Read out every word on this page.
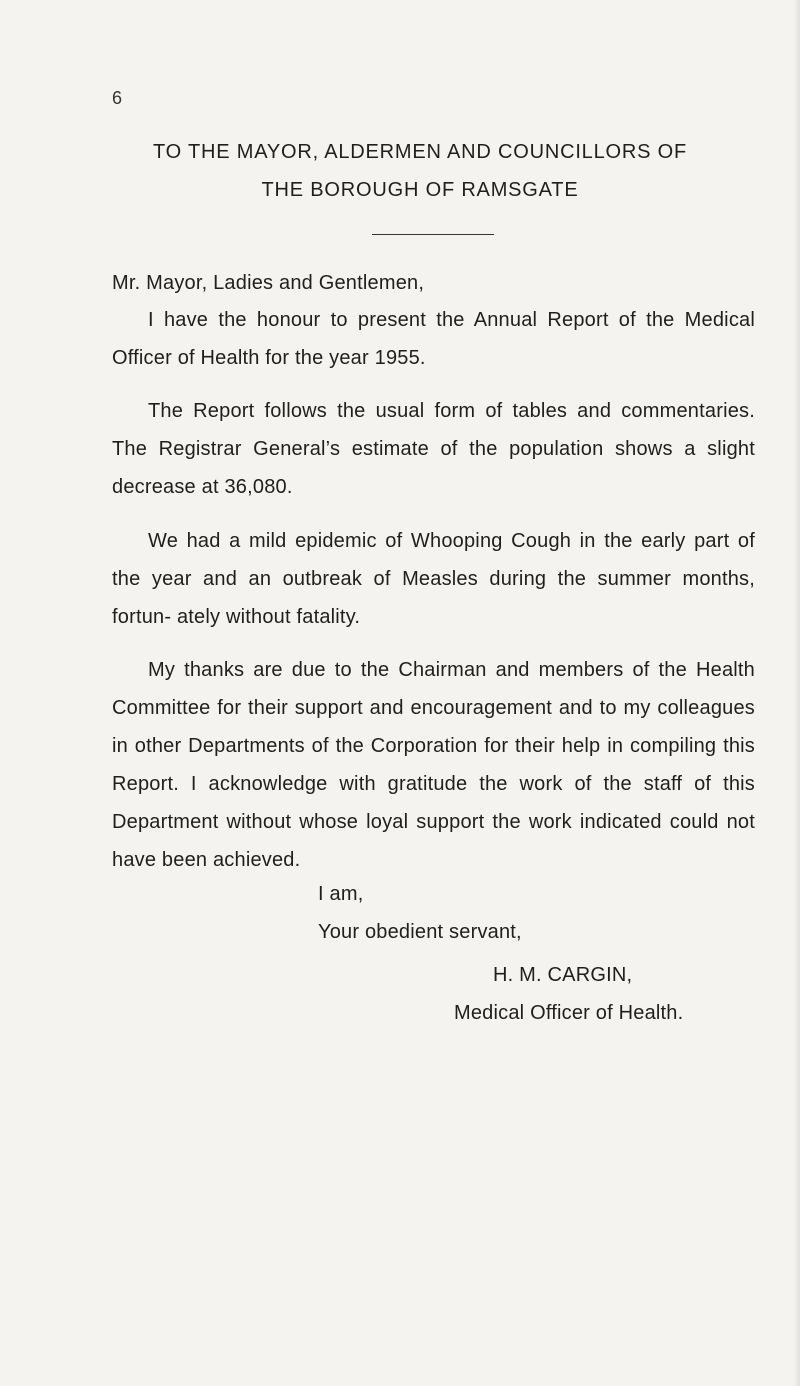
6
TO THE MAYOR, ALDERMEN AND COUNCILLORS OF
THE BOROUGH OF RAMSGATE

Mr. Mayor, Ladies and Gentlemen,

I have the honour to present the Annual Report of the Medical Officer of Health for the year 1955.

The Report follows the usual form of tables and commentaries. The Registrar General’s estimate of the population shows a slight decrease at 36,080.

We had a mild epidemic of Whooping Cough in the early part of the year and an outbreak of Measles during the summer months, fortun- ately without fatality.

My thanks are due to the Chairman and members of the Health Committee for their support and encouragement and to my colleagues in other Departments of the Corporation for their help in compiling this Report. I acknowledge with gratitude the work of the staff of this Department without whose loyal support the work indicated could not have been achieved.

I am,
Your obedient servant,
H. M. CARGIN,
Medical Officer of Health.
